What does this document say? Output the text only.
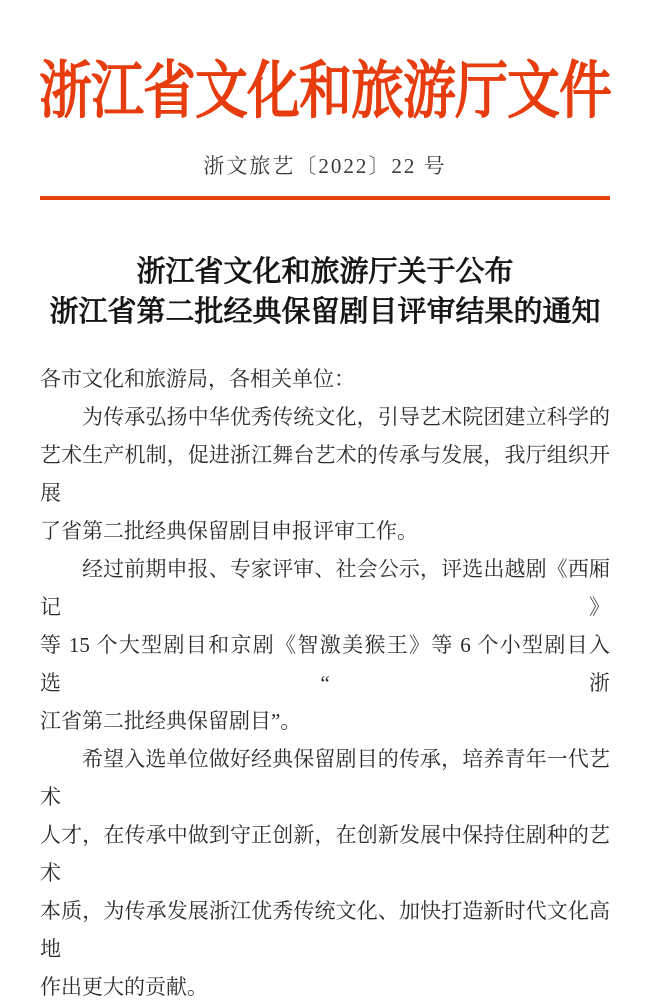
浙江省文化和旅游厅文件
浙文旅艺〔2022〕22 号
浙江省文化和旅游厅关于公布
浙江省第二批经典保留剧目评审结果的通知
各市文化和旅游局，各相关单位：
为传承弘扬中华优秀传统文化，引导艺术院团建立科学的
艺术生产机制，促进浙江舞台艺术的传承与发展，我厅组织开展
了省第二批经典保留剧目申报评审工作。
经过前期申报、专家评审、社会公示，评选出越剧《西厢记》
等 15 个大型剧目和京剧《智激美猴王》等 6 个小型剧目入选“浙
江省第二批经典保留剧目”。
希望入选单位做好经典保留剧目的传承，培养青年一代艺术
人才，在传承中做到守正创新，在创新发展中保持住剧种的艺术
本质，为传承发展浙江优秀传统文化、加快打造新时代文化高地
作出更大的贡献。
